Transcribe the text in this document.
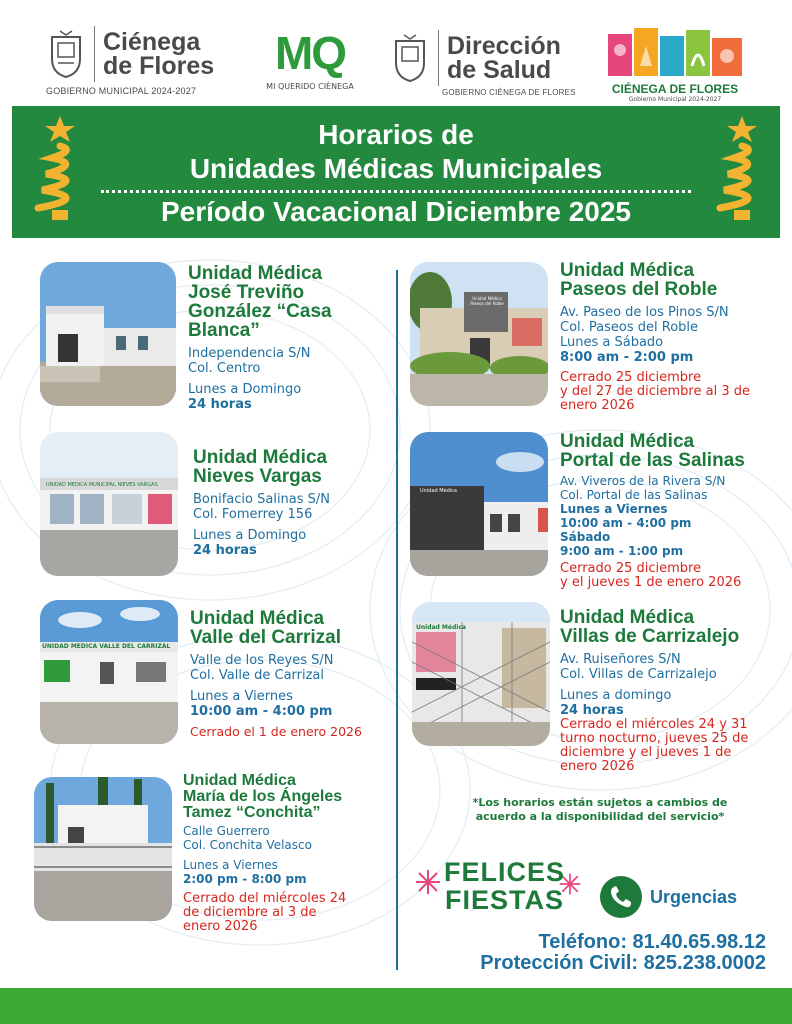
Ciénega
de Flores
GOBIERNO MUNICIPAL 2024-2027
MQ
MI QUERIDO CIÉNEGA
Dirección
de Salud
GOBIERNO CIÉNEGA DE FLORES	CIÉNEGA DE FLORES
Gobierno Municipal 2024-2027
Horarios de
Unidades Médicas Municipales
Período Vacacional Diciembre 2025
Unidad Médica
José Treviño
González “Casa
Blanca”
Independencia S/N
Col. Centro
Lunes a Domingo
24 horas
UNIDAD MÉDICA MUNICIPAL NIEVES VARGAS
Unidad Médica
Nieves Vargas
Bonifacio Salinas S/N
Col. Fomerrey 156
Lunes a Domingo
24 horas
UNIDAD MÉDICA VALLE DEL CARRIZAL
Unidad Médica
Valle del Carrizal
Valle de los Reyes S/N
Col. Valle de Carrizal
Lunes a Viernes
10:00 am - 4:00 pm
Cerrado el 1 de enero 2026
Unidad Médica
María de los Ángeles
Tamez “Conchita”
Calle Guerrero
Col. Conchita Velasco
Lunes a Viernes
2:00 pm - 8:00 pm
Cerrado del miércoles 24
de diciembre al 3 de
enero 2026
Unidad Médica Paseos del Roble
Unidad Médica
Paseos del Roble
Av. Paseo de los Pinos S/N
Col. Paseos del Roble
Lunes a Sábado
8:00 am - 2:00 pm
Cerrado 25 diciembre
y del 27 de diciembre al 3 de
enero 2026
Unidad Médica
Unidad Médica
Portal de las Salinas
Av. Viveros de la Rivera S/N
Col. Portal de las Salinas
Lunes a Viernes
10:00 am - 4:00 pm
Sábado
9:00 am - 1:00 pm
Cerrado 25 diciembre
y el jueves 1 de enero 2026
Unidad Médica	Unidad Médica
Villas de Carrizalejo
Av. Ruiseñores S/N
Col. Villas de Carrizalejo
Lunes a domingo
24 horas
Cerrado el miércoles 24 y 31
turno nocturno, jueves 25 de
diciembre y el jueves 1 de
enero 2026
*Los horarios están sujetos a cambios de
acuerdo a la disponibilidad del servicio*
FELICES
FIESTAS	Urgencias
Teléfono: 81.40.65.98.12
Protección Civil: 825.238.0002
